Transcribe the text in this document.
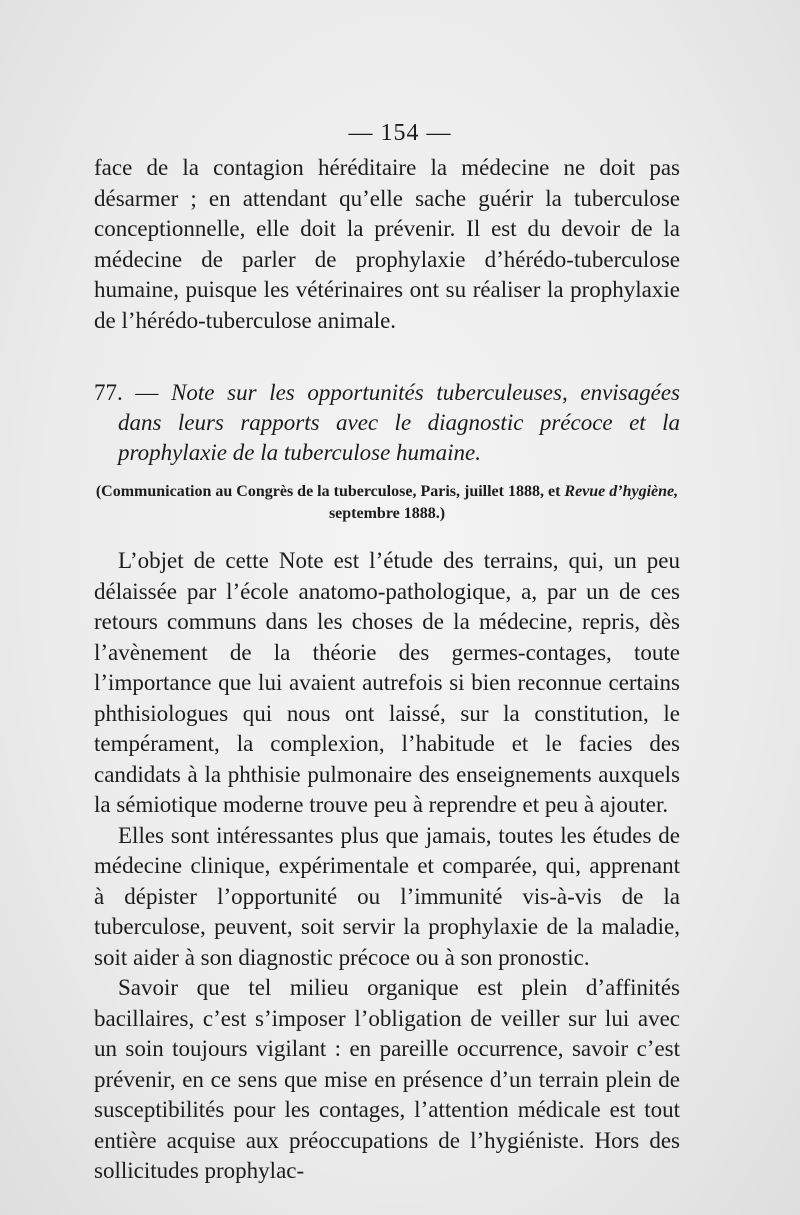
— 154 —
face de la contagion héréditaire la médecine ne doit pas désarmer ; en attendant qu’elle sache guérir la tuberculose conceptionnelle, elle doit la prévenir. Il est du devoir de la médecine de parler de prophylaxie d’hérédo-tuberculose humaine, puisque les vétérinaires ont su réaliser la prophylaxie de l’hérédo-tuberculose animale.
77. — Note sur les opportunités tuberculeuses, envisagées dans leurs rapports avec le diagnostic précoce et la prophylaxie de la tuberculose humaine.
(Communication au Congrès de la tuberculose, Paris, juillet 1888, et Revue d’hygiène, septembre 1888.)

L’objet de cette Note est l’étude des terrains, qui, un peu délaissée par l’école anatomo-pathologique, a, par un de ces retours communs dans les choses de la médecine, repris, dès l’avènement de la théorie des germes-contages, toute l’importance que lui avaient autrefois si bien reconnue certains phthisiologues qui nous ont laissé, sur la constitution, le tempérament, la complexion, l’habitude et le facies des candidats à la phthisie pulmonaire des enseignements auxquels la sémiotique moderne trouve peu à reprendre et peu à ajouter.

Elles sont intéressantes plus que jamais, toutes les études de médecine clinique, expérimentale et comparée, qui, apprenant à dépister l’opportunité ou l’immunité vis-à-vis de la tuberculose, peuvent, soit servir la prophylaxie de la maladie, soit aider à son diagnostic précoce ou à son pronostic.

Savoir que tel milieu organique est plein d’affinités bacillaires, c’est s’imposer l’obligation de veiller sur lui avec un soin toujours vigilant : en pareille occurrence, savoir c’est prévenir, en ce sens que mise en présence d’un terrain plein de susceptibilités pour les contages, l’attention médicale est tout entière acquise aux préoccupations de l’hygiéniste. Hors des sollicitudes prophylac-
